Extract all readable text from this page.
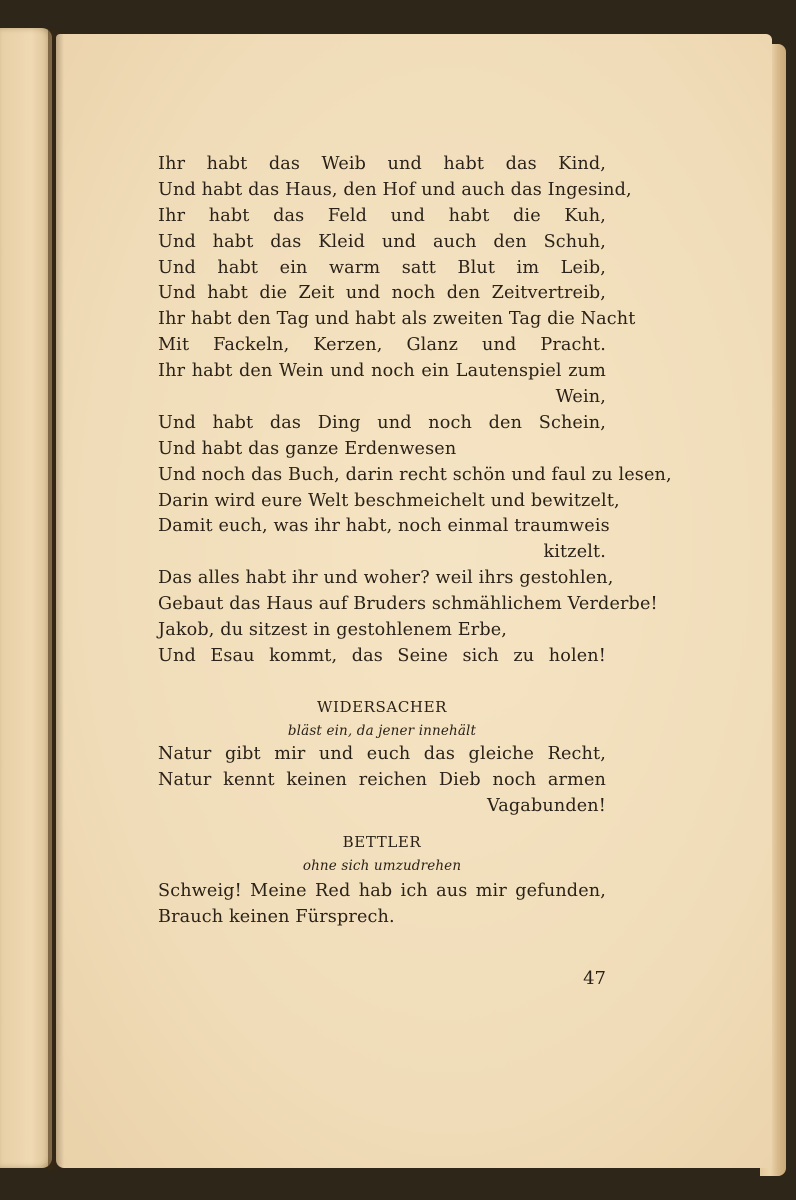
Ihr habt das Weib und habt das Kind,
Und habt das Haus, den Hof und auch das Ingesind,
Ihr habt das Feld und habt die Kuh,
Und habt das Kleid und auch den Schuh,
Und habt ein warm satt Blut im Leib,
Und habt die Zeit und noch den Zeitvertreib,
Ihr habt den Tag und habt als zweiten Tag die Nacht
Mit Fackeln, Kerzen, Glanz und Pracht.
Ihr habt den Wein und noch ein Lautenspiel zum
Wein,
Und habt das Ding und noch den Schein,
Und habt das ganze Erdenwesen
Und noch das Buch, darin recht schön und faul zu lesen,
Darin wird eure Welt beschmeichelt und bewitzelt,
Damit euch, was ihr habt, noch einmal traumweis
kitzelt.
Das alles habt ihr und woher? weil ihrs gestohlen,
Gebaut das Haus auf Bruders schmählichem Verderbe!
Jakob, du sitzest in gestohlenem Erbe,
Und Esau kommt, das Seine sich zu holen!
WIDERSACHER
bläst ein, da jener innehält
Natur gibt mir und euch das gleiche Recht,
Natur kennt keinen reichen Dieb noch armen
Vagabunden!
BETTLER
ohne sich umzudrehen
Schweig! Meine Red hab ich aus mir gefunden,
Brauch keinen Fürsprech.
47
